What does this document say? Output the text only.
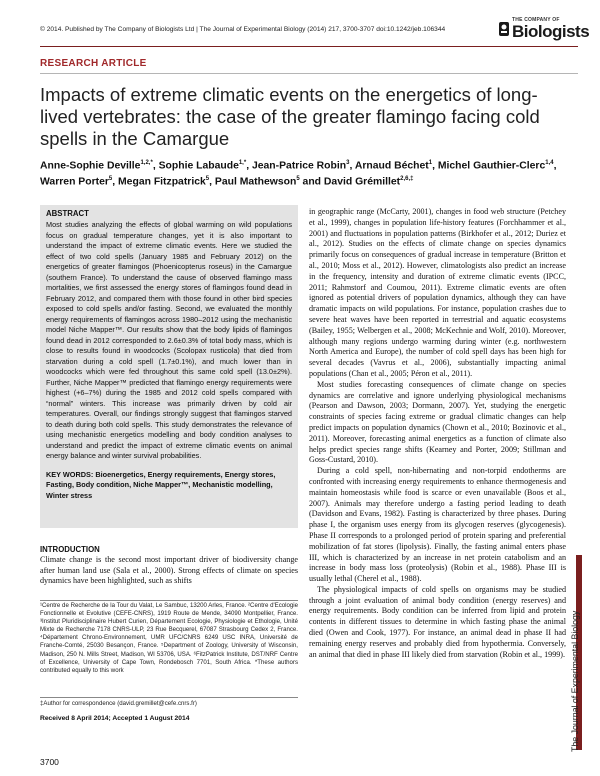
© 2014. Published by The Company of Biologists Ltd | The Journal of Experimental Biology (2014) 217, 3700-3707 doi:10.1242/jeb.106344
THE COMPANY OF
Biologists
RESEARCH ARTICLE
Impacts of extreme climatic events on the energetics of long-lived vertebrates: the case of the greater flamingo facing cold spells in the Camargue
Anne-Sophie Deville$^{1,2,*}$, Sophie Labaude$^{1,*}$, Jean-Patrice Robin$^3$, Arnaud Béchet$^1$, Michel Gauthier-Clerc$^{1,4}$, Warren Porter$^5$, Megan Fitzpatrick$^5$, Paul Mathewson$^5$ and David Grémillet$^{2,6,\ddagger}$
ABSTRACT
Most studies analyzing the effects of global warming on wild populations focus on gradual temperature changes, yet it is also important to understand the impact of extreme climatic events. Here we studied the effect of two cold spells (January 1985 and February 2012) on the energetics of greater flamingos (Phoenicopterus roseus) in the Camargue (southern France). To understand the cause of observed flamingo mass mortalities, we first assessed the energy stores of flamingos found dead in February 2012, and compared them with those found in other bird species exposed to cold spells and/or fasting. Second, we evaluated the monthly energy requirements of flamingos across 1980–2012 using the mechanistic model Niche Mapper™. Our results show that the body lipids of flamingos found dead in 2012 corresponded to 2.6±0.3% of total body mass, which is close to results found in woodcocks (Scolopax rusticola) that died from starvation during a cold spell (1.7±0.1%), and much lower than in woodcocks which were fed throughout this same cold spell (13.0±2%). Further, Niche Mapper™ predicted that flamingo energy requirements were highest (+6–7%) during the 1985 and 2012 cold spells compared with “normal” winters. This increase was primarily driven by cold air temperatures. Overall, our findings strongly suggest that flamingos starved to death during both cold spells. This study demonstrates the relevance of using mechanistic energetics modelling and body condition analyses to understand and predict the impact of extreme climatic events on animal energy balance and winter survival probabilities.
KEY WORDS: Bioenergetics, Energy requirements, Energy stores, Fasting, Body condition, Niche Mapper™, Mechanistic modelling, Winter stress
INTRODUCTION
Climate change is the second most important driver of biodiversity change after human land use (Sala et al., 2000). Strong effects of climate on species dynamics have been highlighted, such as shifts
¹Centre de Recherche de la Tour du Valat, Le Sambuc, 13200 Arles, France. ²Centre d'Ecologie Fonctionnelle et Evolutive (CEFE-CNRS), 1919 Route de Mende, 34090 Montpellier, France. ³Institut Pluridisciplinaire Hubert Curien, Département Ecologie, Physiologie et Ethologie, Unité Mixte de Recherche 7178 CNRS-ULP, 23 Rue Becquerel, 67087 Strasbourg Cedex 2, France. ⁴Département Chrono-Environnement, UMR UFC/CNRS 6249 USC INRA, Université de Franche-Comté, 25030 Besançon, France. ⁵Department of Zoology, University of Wisconsin, Madison, 250 N. Mills Street, Madison, WI 53706, USA. ⁶FitzPatrick Institute, DST/NRF Centre of Excellence, University of Cape Town, Rondebosch 7701, South Africa. *These authors contributed equally to this work
‡Author for correspondence (david.gremillet@cefe.cnrs.fr)
Received 8 April 2014; Accepted 1 August 2014

in geographic range (McCarty, 2001), changes in food web structure (Petchey et al., 1999), changes in population life-history features (Forchhammer et al., 2001) and fluctuations in population patterns (Birkhofer et al., 2012; Duriez et al., 2012). Studies on the effects of climate change on species dynamics primarily focus on consequences of gradual increase in temperature (Britton et al., 2010; Moss et al., 2012). However, climatologists also predict an increase in the frequency, intensity and duration of extreme climatic events (IPCC, 2011; Rahmstorf and Coumou, 2011). Extreme climatic events are often ignored as potential drivers of population dynamics, although they can have dramatic impacts on wild populations. For instance, population crashes due to severe heat waves have been reported in terrestrial and aquatic ecosystems (Bailey, 1955; Welbergen et al., 2008; McKechnie and Wolf, 2010). Moreover, although many regions undergo warming during winter (e.g. northwestern North America and Europe), the number of cold spell days has been high for several decades (Vavrus et al., 2006), substantially impacting animal populations (Chan et al., 2005; Péron et al., 2011).

Most studies forecasting consequences of climate change on species dynamics are correlative and ignore underlying physiological mechanisms (Pearson and Dawson, 2003; Dormann, 2007). Yet, studying the energetic constraints of species facing extreme or gradual climatic changes can help predict impacts on population dynamics (Chown et al., 2010; Bozinovic et al., 2011). Moreover, forecasting animal energetics as a function of climate also helps predict species range shifts (Kearney and Porter, 2009; Stillman and Goss-Custard, 2010).

During a cold spell, non-hibernating and non-torpid endotherms are confronted with increasing energy requirements to enhance thermogenesis and maintain homeostasis while food is scarce or even unavailable (Boos et al., 2007). Animals may therefore undergo a fasting period leading to death (Davidson and Evans, 1982). Fasting is characterized by three phases. During phase I, the organism uses energy from its glycogen reserves (glycogenesis). Phase II corresponds to a prolonged period of protein sparing and preferential mobilization of fat stores (lipolysis). Finally, the fasting animal enters phase III, which is characterized by an increase in net protein catabolism and an increase in body mass loss (proteolysis) (Robin et al., 1988). Phase III is usually lethal (Cherel et al., 1988).

The physiological impacts of cold spells on organisms may be studied through a joint evaluation of animal body condition (energy reserves) and energy requirements. Body condition can be inferred from lipid and protein contents in different tissues to determine in which fasting phase the animal died (Owen and Cook, 1977). For instance, an animal dead in phase II had remaining energy reserves and probably died from hypothermia. Conversely, an animal that died in phase III likely died from starvation (Robin et al., 1999). The Journal of Experimental Biology
3700
